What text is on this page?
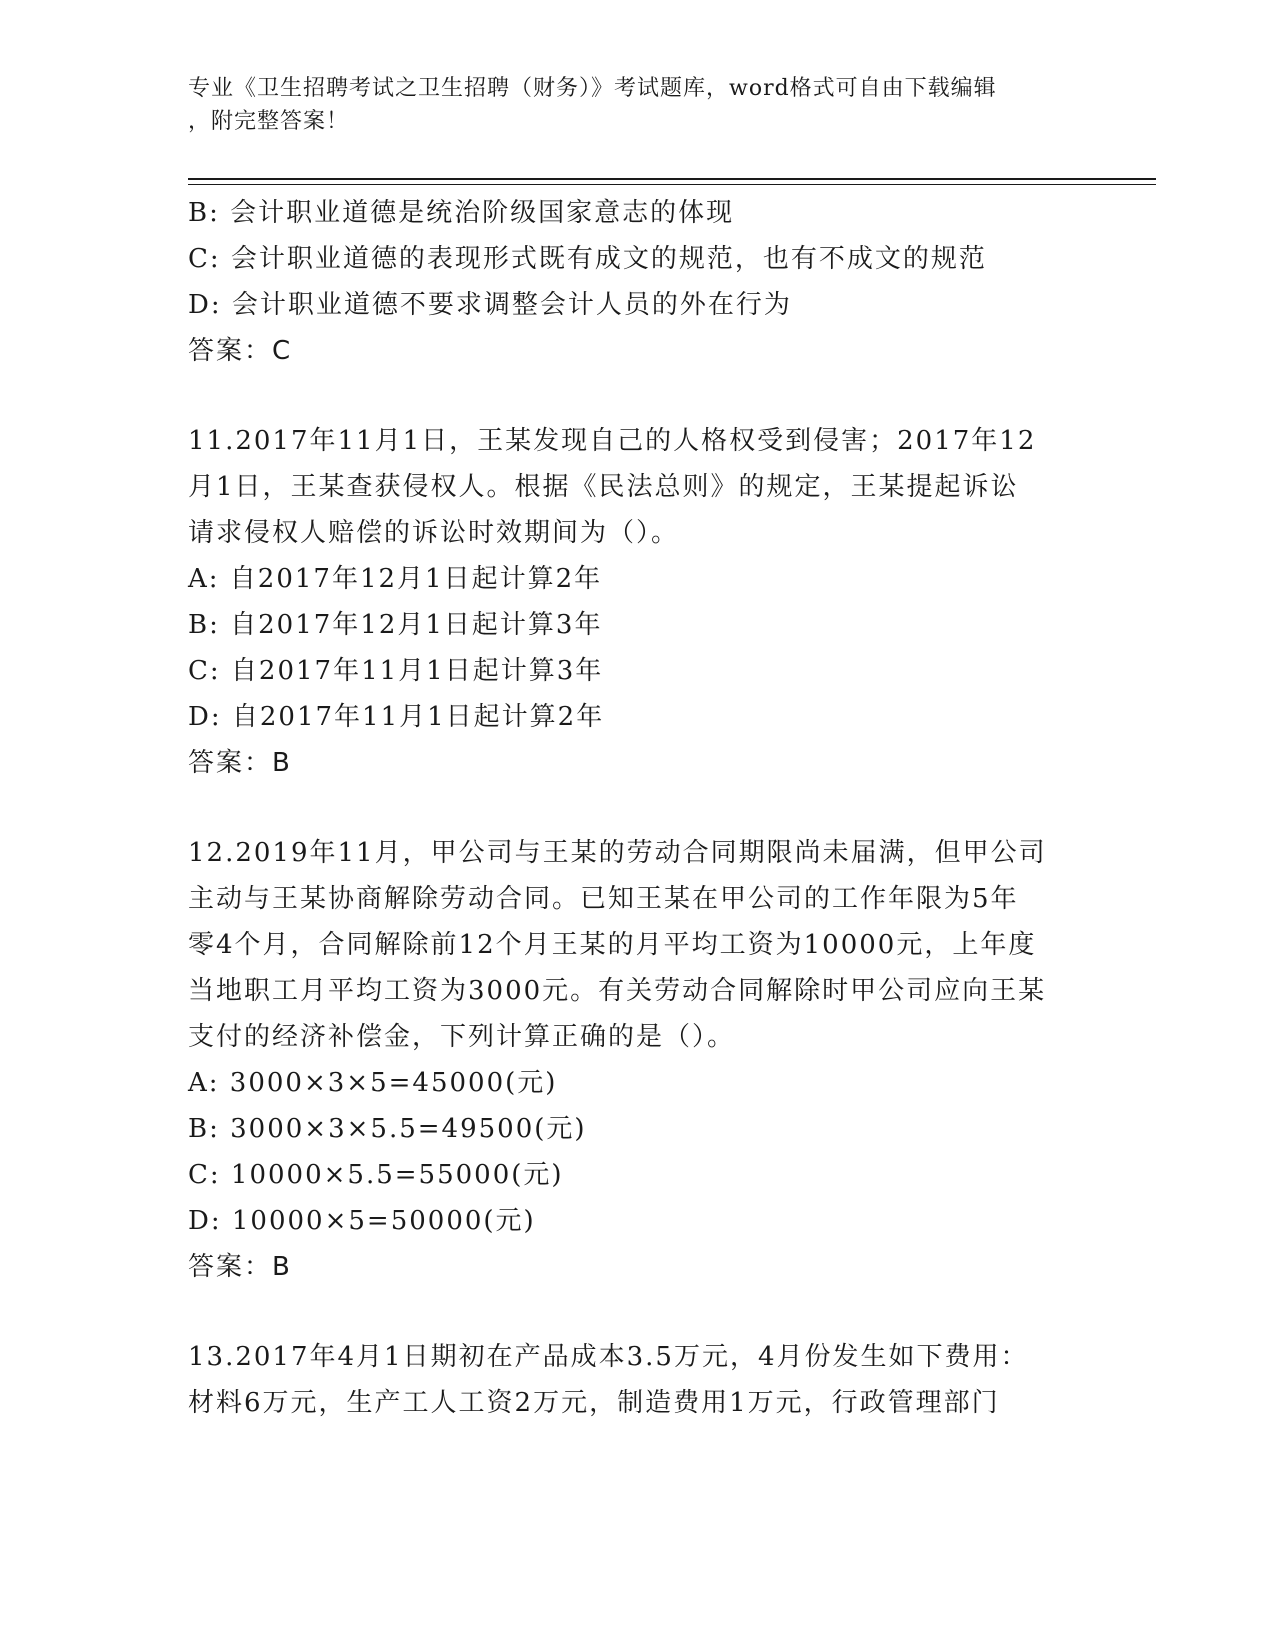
专业《卫生招聘考试之卫生招聘（财务）》考试题库，word格式可自由下载编辑
，附完整答案！
B: 会计职业道德是统治阶级国家意志的体现
C: 会计职业道德的表现形式既有成文的规范，也有不成文的规范
D: 会计职业道德不要求调整会计人员的外在行为
答案：C
11.2017年11月1日，王某发现自己的人格权受到侵害；2017年12
月1日，王某查获侵权人。根据《民法总则》的规定，王某提起诉讼
请求侵权人赔偿的诉讼时效期间为（）。
A: 自2017年12月1日起计算2年
B: 自2017年12月1日起计算3年
C: 自2017年11月1日起计算3年
D: 自2017年11月1日起计算2年
答案：B
12.2019年11月，甲公司与王某的劳动合同期限尚未届满，但甲公司
主动与王某协商解除劳动合同。已知王某在甲公司的工作年限为5年
零4个月，合同解除前12个月王某的月平均工资为10000元，上年度
当地职工月平均工资为3000元。有关劳动合同解除时甲公司应向王某
支付的经济补偿金，下列计算正确的是（）。
A: 3000×3×5=45000(元)
B: 3000×3×5.5=49500(元)
C: 10000×5.5=55000(元)
D: 10000×5=50000(元)
答案：B
13.2017年4月1日期初在产品成本3.5万元，4月份发生如下费用：
材料6万元，生产工人工资2万元，制造费用1万元，行政管理部门
